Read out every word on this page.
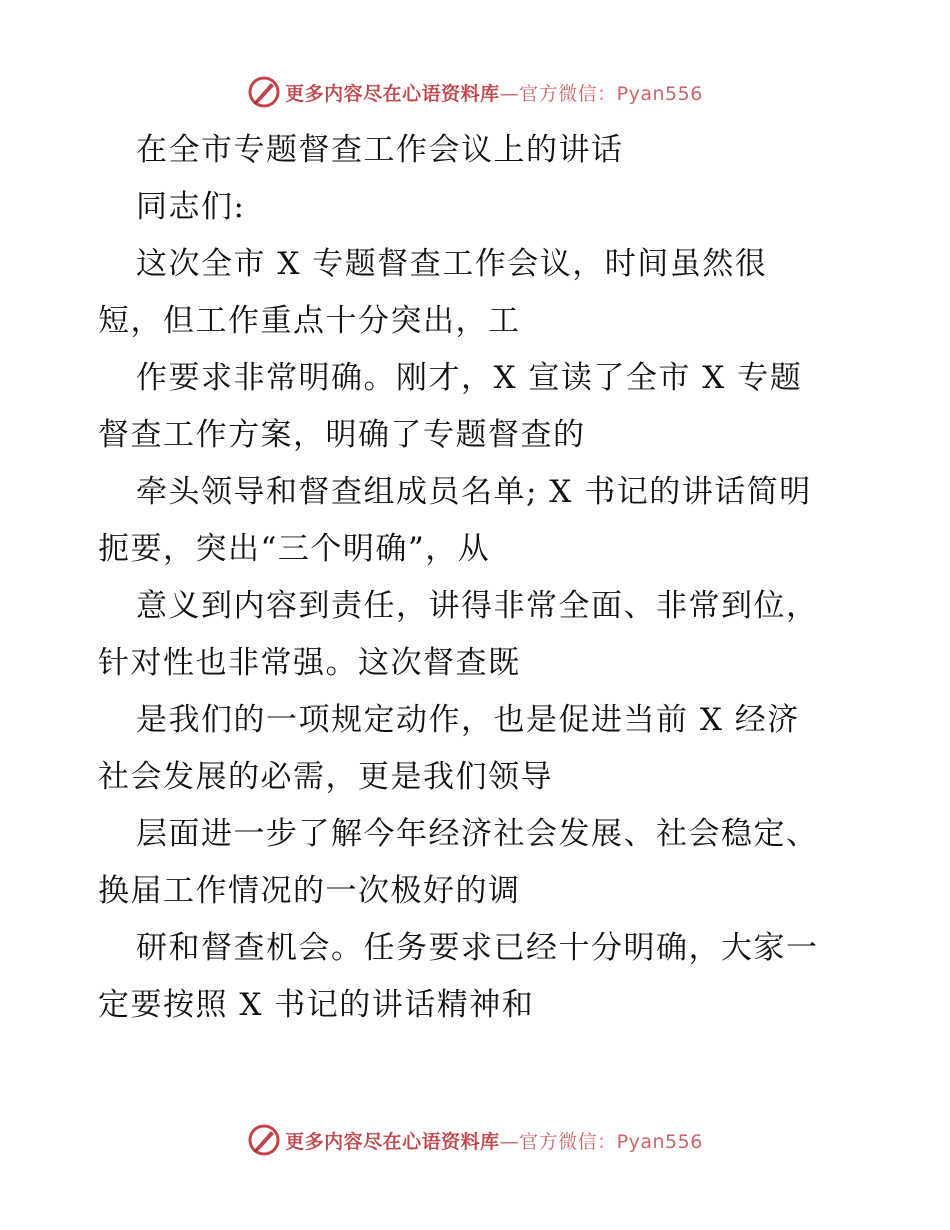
更多内容尽在心语资料库—官方微信：Pyan556
在全市专题督查工作会议上的讲话
同志们:
这次全市 X 专题督查工作会议，时间虽然很
短，但工作重点十分突出，工
作要求非常明确。刚才，X 宣读了全市 X 专题
督查工作方案，明确了专题督查的
牵头领导和督查组成员名单; X 书记的讲话简明
扼要，突出“三个明确”，从
意义到内容到责任，讲得非常全面、非常到位，
针对性也非常强。这次督查既
是我们的一项规定动作，也是促进当前 X 经济
社会发展的必需，更是我们领导
层面进一步了解今年经济社会发展、社会稳定、
换届工作情况的一次极好的调
研和督查机会。任务要求已经十分明确，大家一
定要按照 X 书记的讲话精神和
更多内容尽在心语资料库—官方微信：Pyan556
